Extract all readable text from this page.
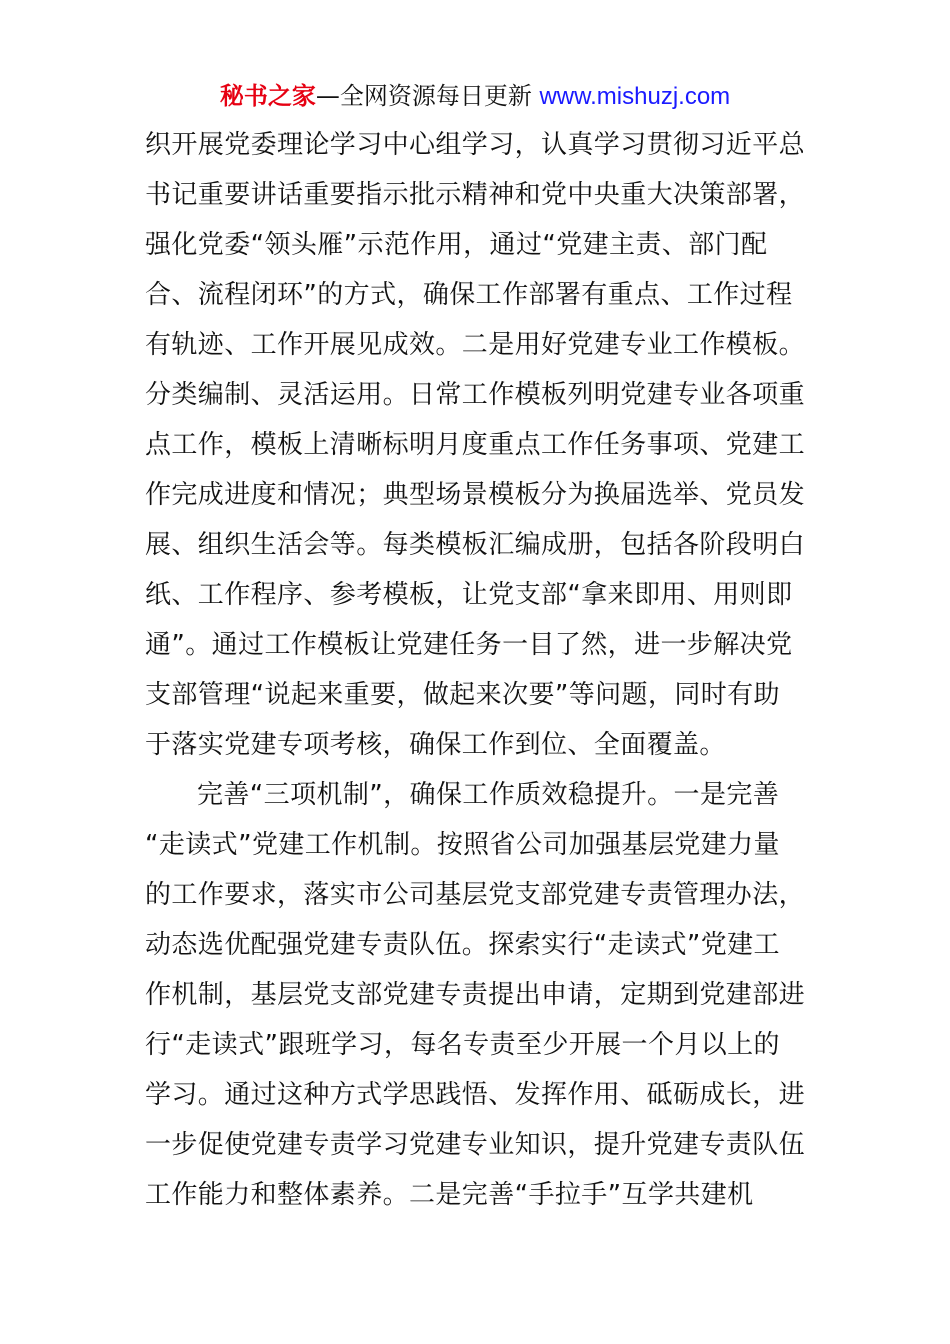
秘书之家—全网资源每日更新 www.mishuzj.com
织开展党委理论学习中心组学习，认真学习贯彻习近平总
书记重要讲话重要指示批示精神和党中央重大决策部署，
强化党委“领头雁”示范作用，通过“党建主责、部门配
合、流程闭环”的方式，确保工作部署有重点、工作过程
有轨迹、工作开展见成效。二是用好党建专业工作模板。
分类编制、灵活运用。日常工作模板列明党建专业各项重
点工作，模板上清晰标明月度重点工作任务事项、党建工
作完成进度和情况；典型场景模板分为换届选举、党员发
展、组织生活会等。每类模板汇编成册，包括各阶段明白
纸、工作程序、参考模板，让党支部“拿来即用、用则即
通”。通过工作模板让党建任务一目了然，进一步解决党
支部管理“说起来重要，做起来次要”等问题，同时有助
于落实党建专项考核，确保工作到位、全面覆盖。
完善“三项机制”，确保工作质效稳提升。一是完善
“走读式”党建工作机制。按照省公司加强基层党建力量
的工作要求，落实市公司基层党支部党建专责管理办法，
动态选优配强党建专责队伍。探索实行“走读式”党建工
作机制，基层党支部党建专责提出申请，定期到党建部进
行“走读式”跟班学习，每名专责至少开展一个月以上的
学习。通过这种方式学思践悟、发挥作用、砥砺成长，进
一步促使党建专责学习党建专业知识，提升党建专责队伍
工作能力和整体素养。二是完善“手拉手”互学共建机
